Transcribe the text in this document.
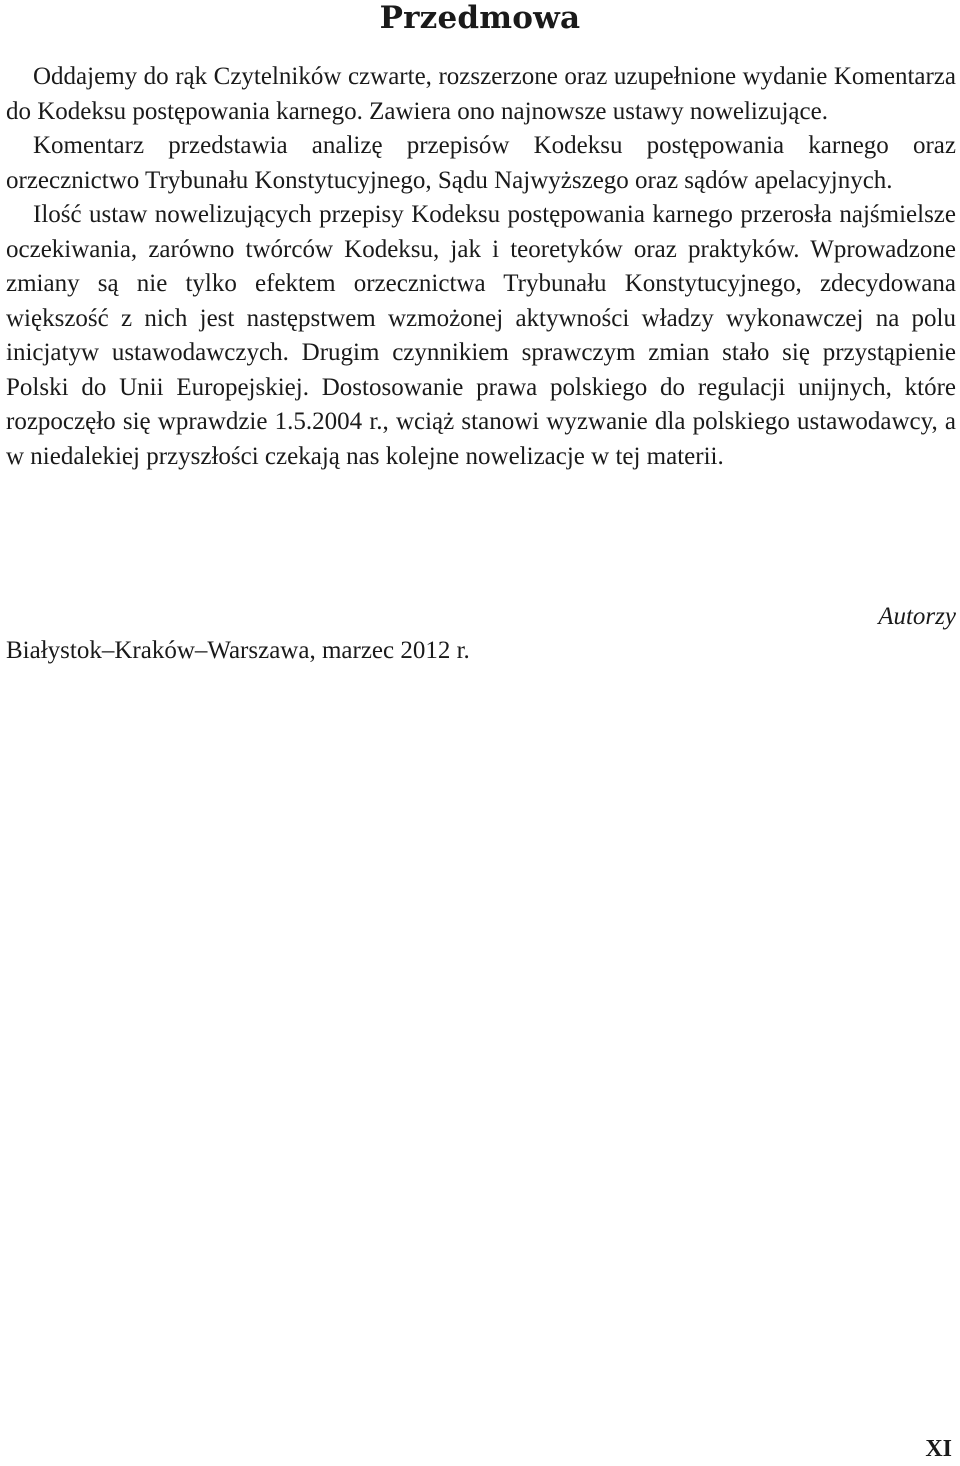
Przedmowa

Oddajemy do rąk Czytelników czwarte, rozszerzone oraz uzupełnione wydanie Komentarza do Kodeksu postępowania karnego. Zawiera ono najnowsze ustawy nowelizujące.

Komentarz przedstawia analizę przepisów Kodeksu postępowania karnego oraz orzecznictwo Trybunału Konstytucyjnego, Sądu Najwyższego oraz sądów apelacyjnych.

Ilość ustaw nowelizujących przepisy Kodeksu postępowania karnego przerosła najśmielsze oczekiwania, zarówno twórców Kodeksu, jak i teoretyków oraz praktyków. Wprowadzone zmiany są nie tylko efektem orzecznictwa Trybunału Konstytucyjnego, zdecydowana większość z nich jest następstwem wzmożonej aktywności władzy wykonawczej na polu inicjatyw ustawodawczych. Drugim czynnikiem sprawczym zmian stało się przystąpienie Polski do Unii Europejskiej. Dostosowanie prawa polskiego do regulacji unijnych, które rozpoczęło się wprawdzie 1.5.2004 r., wciąż stanowi wyzwanie dla polskiego ustawodawcy, a w niedalekiej przyszłości czekają nas kolejne nowelizacje w tej materii.

Autorzy

Białystok–Kraków–Warszawa, marzec 2012 r.

XI
